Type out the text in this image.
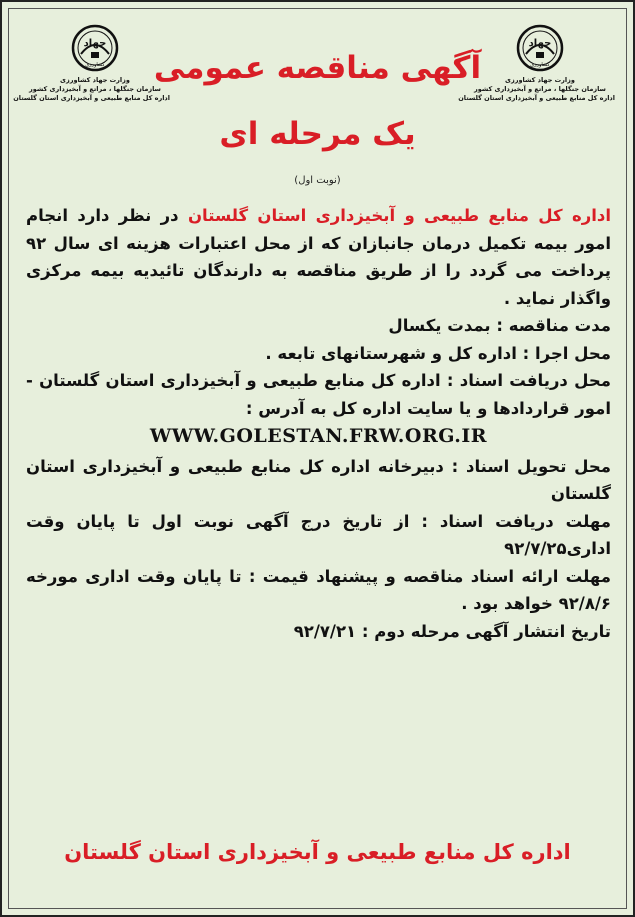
جهاد
کشاورزی
وزارت جهاد کشاورزی
سازمان جنگلها ، مراتع و آبخیزداری کشور
اداره کل منابع طبیعی و آبخیزداری استان گلستان
جهاد
کشاورزی
وزارت جهاد کشاورزی
سازمان جنگلها ، مراتع و آبخیزداری کشور
اداره کل منابع طبیعی و آبخیزداری استان گلستان
آگهی مناقصه عمومی
یک مرحله ای
(نوبت اول)

اداره کل منابع طبیعی و آبخیزداری استان گلستان در نظر دارد انجام امور بیمه تکمیل درمان جانبازان که از محل اعتبارات هزینه ای سال ۹۲ پرداخت می گردد را از طریق مناقصه به دارندگان تائیدیه بیمه مرکزی واگذار نماید .

مدت مناقصه : بمدت یکسال

محل اجرا : اداره کل و شهرستانهای تابعه .

محل دریافت اسناد : اداره کل منابع طبیعی و آبخیزداری استان گلستان - امور قراردادها و یا سایت اداره کل به آدرس :

WWW.GOLESTAN.FRW.ORG.IR

محل تحویل اسناد : دبیرخانه اداره کل منابع طبیعی و آبخیزداری استان گلستان

مهلت دریافت اسناد : از تاریخ درج آگهی نوبت اول تا پایان وقت اداری۹۲/۷/۲۵

مهلت ارائه اسناد مناقصه و پیشنهاد قیمت : تا پایان وقت اداری مورخه ۹۲/۸/۶ خواهد بود .

تاریخ انتشار آگهی مرحله دوم : ۹۲/۷/۲۱

اداره کل منابع طبیعی و آبخیزداری استان گلستان
